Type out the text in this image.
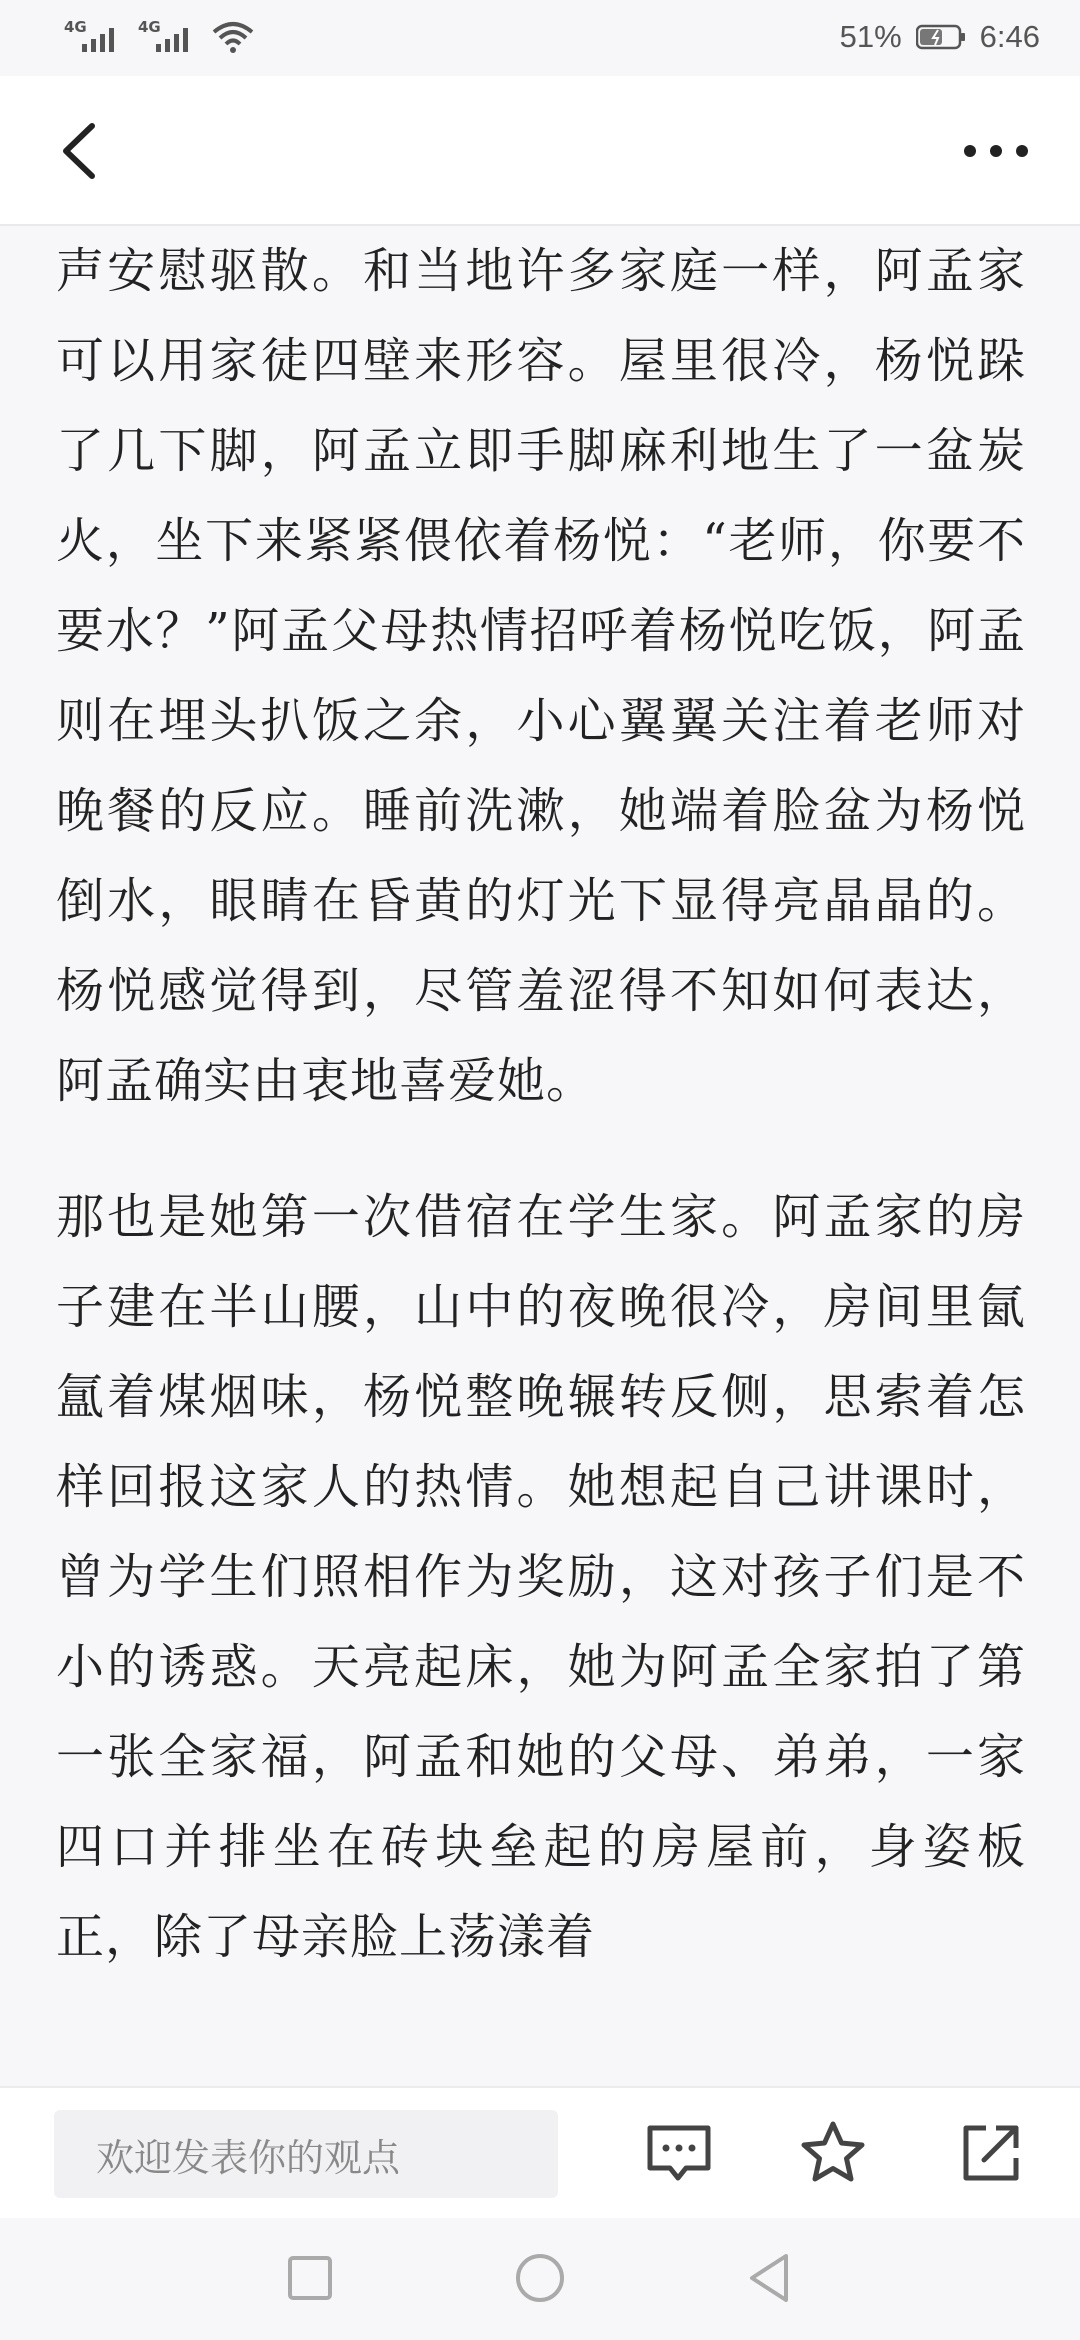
4G	4G	51%	6:46

声安慰驱散。和当地许多家庭一样，阿孟家可以用家徒四壁来形容。屋里很冷，杨悦跺了几下脚，阿孟立即手脚麻利地生了一盆炭火，坐下来紧紧偎依着杨悦：“老师，你要不要水？”阿孟父母热情招呼着杨悦吃饭，阿孟则在埋头扒饭之余，小心翼翼关注着老师对晚餐的反应。睡前洗漱，她端着脸盆为杨悦倒水，眼睛在昏黄的灯光下显得亮晶晶的。杨悦感觉得到，尽管羞涩得不知如何表达，阿孟确实由衷地喜爱她。

那也是她第一次借宿在学生家。阿孟家的房子建在半山腰，山中的夜晚很冷，房间里氤氲着煤烟味，杨悦整晚辗转反侧，思索着怎样回报这家人的热情。她想起自己讲课时，曾为学生们照相作为奖励，这对孩子们是不小的诱惑。天亮起床，她为阿孟全家拍了第一张全家福，阿孟和她的父母、弟弟，一家四口并排坐在砖块垒起的房屋前，身姿板正，除了母亲脸上荡漾着

欢迎发表你的观点
